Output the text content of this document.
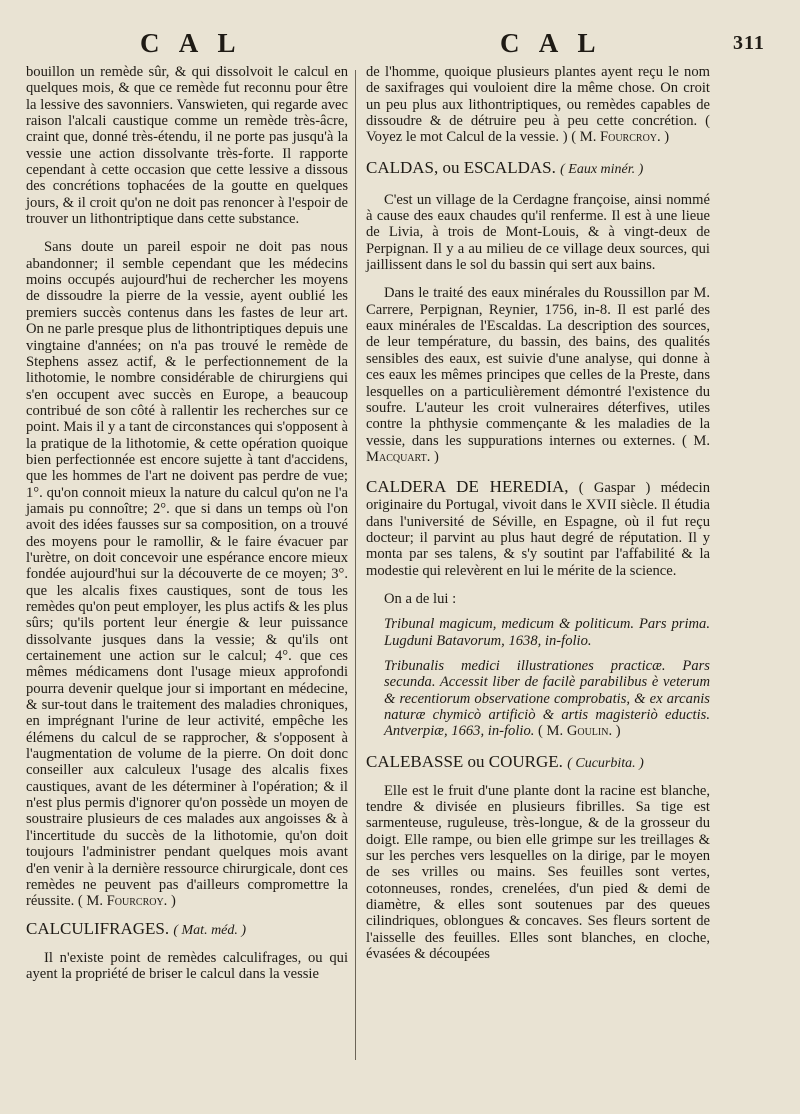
C A L	C A L	311

bouillon un remède sûr, & qui dissolvoit le calcul en quelques mois, & que ce remède fut reconnu pour être la lessive des savonniers. Vanswieten, qui regarde avec raison l'alcali caustique comme un remède très-âcre, craint que, donné très-étendu, il ne porte pas jusqu'à la vessie une action dissolvante très-forte. Il rapporte cependant à cette occasion que cette lessive a dissous des concrétions tophacées de la goutte en quelques jours, & il croit qu'on ne doit pas renoncer à l'espoir de trouver un lithontriptique dans cette substance.

Sans doute un pareil espoir ne doit pas nous abandonner; il semble cependant que les médecins moins occupés aujourd'hui de rechercher les moyens de dissoudre la pierre de la vessie, ayent oublié les premiers succès contenus dans les fastes de leur art. On ne parle presque plus de lithontriptiques depuis une vingtaine d'années; on n'a pas trouvé le remède de Stephens assez actif, & le perfectionnement de la lithotomie, le nombre considérable de chirurgiens qui s'en occupent avec succès en Europe, a beaucoup contribué de son côté à rallentir les recherches sur ce point. Mais il y a tant de circonstances qui s'opposent à la pratique de la lithotomie, & cette opération quoique bien perfectionnée est encore sujette à tant d'accidens, que les hommes de l'art ne doivent pas perdre de vue; 1°. qu'on connoit mieux la nature du calcul qu'on ne l'a jamais pu connoître; 2°. que si dans un temps où l'on avoit des idées fausses sur sa composition, on a trouvé des moyens pour le ramollir, & le faire évacuer par l'urètre, on doit concevoir une espérance encore mieux fondée aujourd'hui sur la découverte de ce moyen; 3°. que les alcalis fixes caustiques, sont de tous les remèdes qu'on peut employer, les plus actifs & les plus sûrs; qu'ils portent leur énergie & leur puissance dissolvante jusques dans la vessie; & qu'ils ont certainement une action sur le calcul; 4°. que ces mêmes médicamens dont l'usage mieux approfondi pourra devenir quelque jour si important en médecine, & sur-tout dans le traitement des maladies chroniques, en imprégnant l'urine de leur activité, empêche les élémens du calcul de se rapprocher, & s'opposent à l'augmentation de volume de la pierre. On doit donc conseiller aux calculeux l'usage des alcalis fixes caustiques, avant de les déterminer à l'opération; & il n'est plus permis d'ignorer qu'on possède un moyen de soustraire plusieurs de ces malades aux angoisses & à l'incertitude du succès de la lithotomie, qu'on doit toujours l'administrer pendant quelques mois avant d'en venir à la dernière ressource chirurgicale, dont ces remèdes ne peuvent pas d'ailleurs compromettre la réussite. ( M. Fourcroy. )

CALCULIFRAGES. ( Mat. méd. )

Il n'existe point de remèdes calculifrages, ou qui ayent la propriété de briser le calcul dans la vessie

de l'homme, quoique plusieurs plantes ayent reçu le nom de saxifrages qui vouloient dire la même chose. On croit un peu plus aux lithontriptiques, ou remèdes capables de dissoudre & de détruire peu à peu cette concrétion. ( Voyez le mot Calcul de la vessie. ) ( M. Fourcroy. )

CALDAS, ou ESCALDAS. ( Eaux minér. )

C'est un village de la Cerdagne françoise, ainsi nommé à cause des eaux chaudes qu'il renferme. Il est à une lieue de Livia, à trois de Mont-Louis, & à vingt-deux de Perpignan. Il y a au milieu de ce village deux sources, qui jaillissent dans le sol du bassin qui sert aux bains.

Dans le traité des eaux minérales du Roussillon par M. Carrere, Perpignan, Reynier, 1756, in-8. Il est parlé des eaux minérales de l'Escaldas. La description des sources, de leur température, du bassin, des bains, des qualités sensibles des eaux, est suivie d'une analyse, qui donne à ces eaux les mêmes principes que celles de la Preste, dans lesquelles on a particulièrement démontré l'existence du soufre. L'auteur les croit vulneraires déterfives, utiles contre la phthysie commençante & les maladies de la vessie, dans les suppurations internes ou externes. ( M. Macquart. )

CALDERA DE HEREDIA, ( Gaspar ) médecin originaire du Portugal, vivoit dans le XVII siècle. Il étudia dans l'université de Séville, en Espagne, où il fut reçu docteur; il parvint au plus haut degré de réputation. Il y monta par ses talens, & s'y soutint par l'affabilité & la modestie qui relevèrent en lui le mérite de la science.

On a de lui :

Tribunal magicum, medicum & politicum. Pars prima. Lugduni Batavorum, 1638, in-folio.

Tribunalis medici illustrationes practicæ. Pars secunda. Accessit liber de facilè parabilibus è veterum & recentiorum observatione comprobatis, & ex arcanis naturæ chymicò artificiò & artis magisteriò eductis. Antverpiæ, 1663, in-folio. ( M. Goulin. )

CALEBASSE ou COURGE. ( Cucurbita. )

Elle est le fruit d'une plante dont la racine est blanche, tendre & divisée en plusieurs fibrilles. Sa tige est sarmenteuse, ruguleuse, très-longue, & de la grosseur du doigt. Elle rampe, ou bien elle grimpe sur les treillages & sur les perches vers lesquelles on la dirige, par le moyen de ses vrilles ou mains. Ses feuilles sont vertes, cotonneuses, rondes, crenelées, d'un pied & demi de diamètre, & elles sont soutenues par des queues cilindriques, oblongues & concaves. Ses fleurs sortent de l'aisselle des feuilles. Elles sont blanches, en cloche, évasées & découpées
